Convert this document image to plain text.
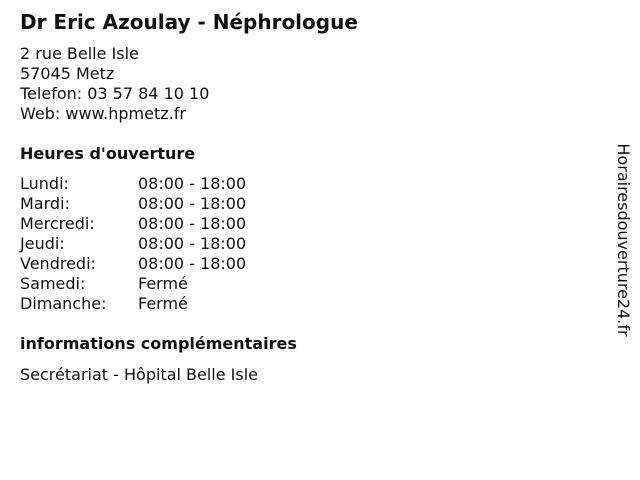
Dr Eric Azoulay - Néphrologue
2 rue Belle Isle
57045 Metz
Telefon: 03 57 84 10 10
Web: www.hpmetz.fr
Heures d'ouverture
Lundi:	08:00 - 18:00
Mardi:	08:00 - 18:00
Mercredi:	08:00 - 18:00
Jeudi:	08:00 - 18:00
Vendredi:	08:00 - 18:00
Samedi:	Fermé
Dimanche:	Fermé
informations complémentaires
Secrétariat - Hôpital Belle Isle
Horairesdouverture24.fr
